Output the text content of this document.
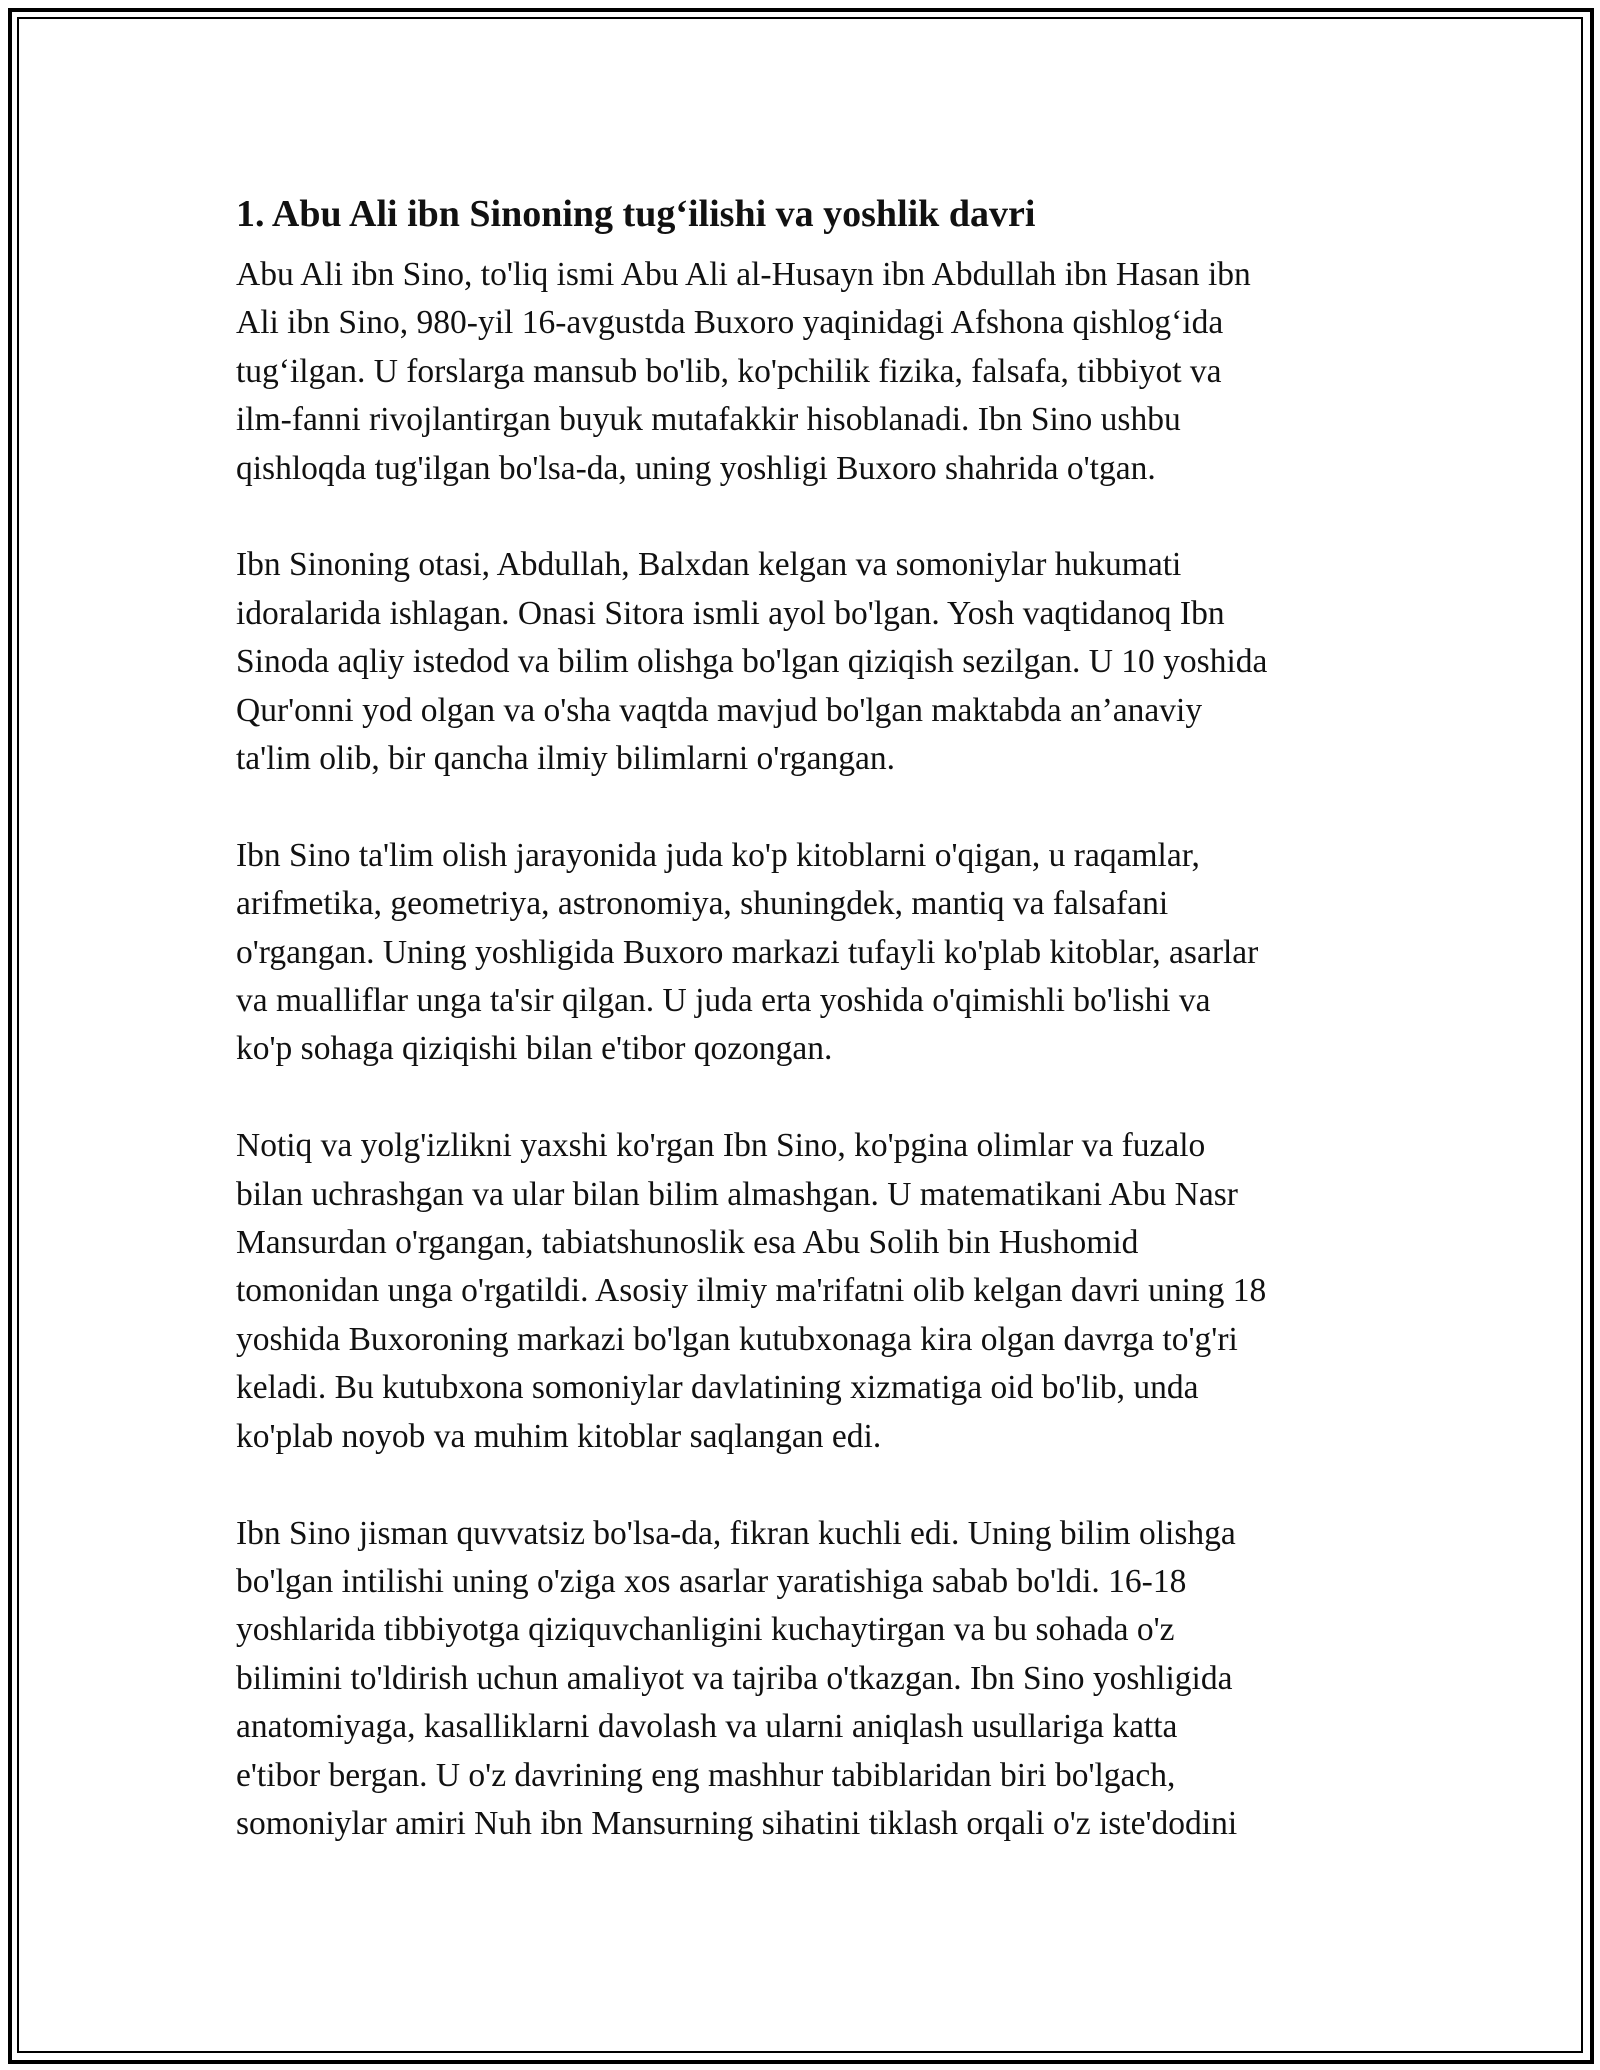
1. Abu Ali ibn Sinoning tug‘ilishi va yoshlik davri
Abu Ali ibn Sino, to'liq ismi Abu Ali al-Husayn ibn Abdullah ibn Hasan ibn
Ali ibn Sino, 980-yil 16-avgustda Buxoro yaqinidagi Afshona qishlog‘ida
tug‘ilgan. U forslarga mansub bo'lib, ko'pchilik fizika, falsafa, tibbiyot va
ilm-fanni rivojlantirgan buyuk mutafakkir hisoblanadi. Ibn Sino ushbu
qishloqda tug'ilgan bo'lsa-da, uning yoshligi Buxoro shahrida o'tgan.
Ibn Sinoning otasi, Abdullah, Balxdan kelgan va somoniylar hukumati
idoralarida ishlagan. Onasi Sitora ismli ayol bo'lgan. Yosh vaqtidanoq Ibn
Sinoda aqliy istedod va bilim olishga bo'lgan qiziqish sezilgan. U 10 yoshida
Qur'onni yod olgan va o'sha vaqtda mavjud bo'lgan maktabda an’anaviy
ta'lim olib, bir qancha ilmiy bilimlarni o'rgangan.
Ibn Sino ta'lim olish jarayonida juda ko'p kitoblarni o'qigan, u raqamlar,
arifmetika, geometriya, astronomiya, shuningdek, mantiq va falsafani
o'rgangan. Uning yoshligida Buxoro markazi tufayli ko'plab kitoblar, asarlar
va mualliflar unga ta'sir qilgan. U juda erta yoshida o'qimishli bo'lishi va
ko'p sohaga qiziqishi bilan e'tibor qozongan.
Notiq va yolg'izlikni yaxshi ko'rgan Ibn Sino, ko'pgina olimlar va fuzalo
bilan uchrashgan va ular bilan bilim almashgan. U matematikani Abu Nasr
Mansurdan o'rgangan, tabiatshunoslik esa Abu Solih bin Hushomid
tomonidan unga o'rgatildi. Asosiy ilmiy ma'rifatni olib kelgan davri uning 18
yoshida Buxoroning markazi bo'lgan kutubxonaga kira olgan davrga to'g'ri
keladi. Bu kutubxona somoniylar davlatining xizmatiga oid bo'lib, unda
ko'plab noyob va muhim kitoblar saqlangan edi.
Ibn Sino jisman quvvatsiz bo'lsa-da, fikran kuchli edi. Uning bilim olishga
bo'lgan intilishi uning o'ziga xos asarlar yaratishiga sabab bo'ldi. 16-18
yoshlarida tibbiyotga qiziquvchanligini kuchaytirgan va bu sohada o'z
bilimini to'ldirish uchun amaliyot va tajriba o'tkazgan. Ibn Sino yoshligida
anatomiyaga, kasalliklarni davolash va ularni aniqlash usullariga katta
e'tibor bergan. U o'z davrining eng mashhur tabiblaridan biri bo'lgach,
somoniylar amiri Nuh ibn Mansurning sihatini tiklash orqali o'z iste'dodini
